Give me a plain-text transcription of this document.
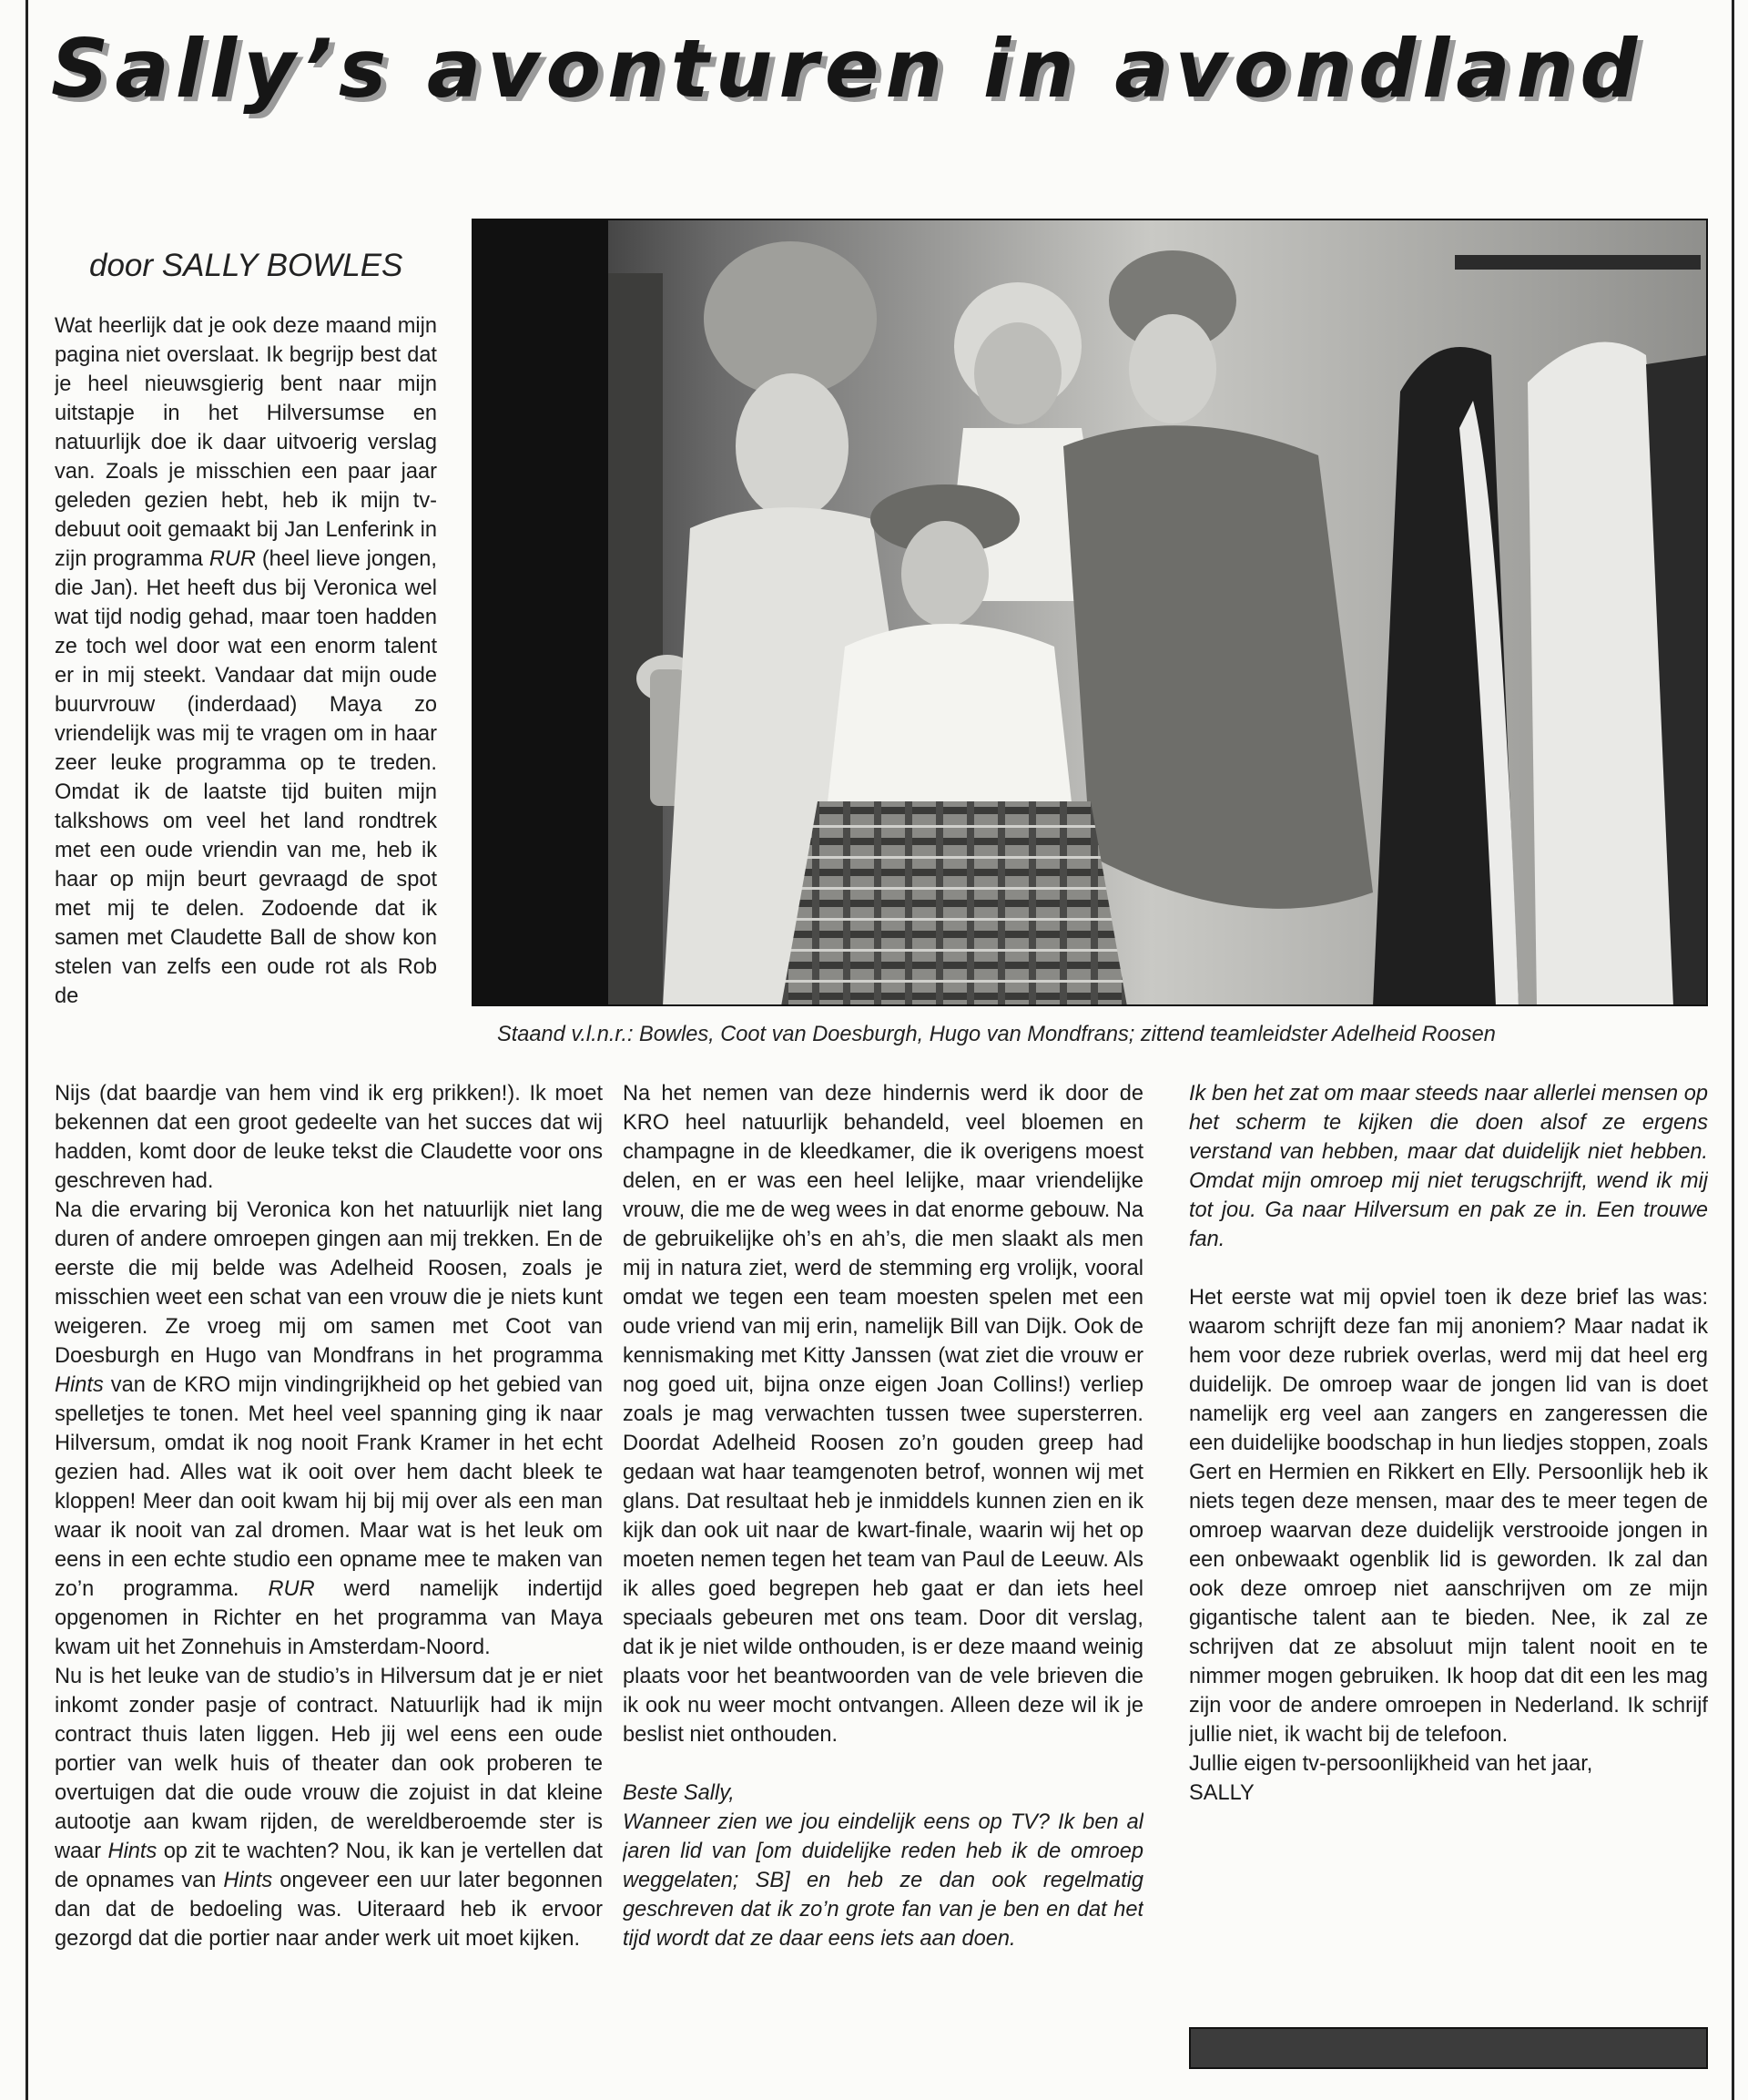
Sally’s avonturen in avondland

door SALLY BOWLES

Wat heerlijk dat je ook deze maand mijn pagina niet overslaat. Ik begrijp best dat je heel nieuwsgierig bent naar mijn uitstapje in het Hilversumse en natuurlijk doe ik daar uitvoerig verslag van. Zoals je misschien een paar jaar geleden gezien hebt, heb ik mijn tv-debuut ooit gemaakt bij Jan Lenferink in zijn programma RUR (heel lieve jongen, die Jan). Het heeft dus bij Veronica wel wat tijd nodig gehad, maar toen hadden ze toch wel door wat een enorm talent er in mij steekt. Vandaar dat mijn oude buurvrouw (inderdaad) Maya zo vriendelijk was mij te vragen om in haar zeer leuke programma op te treden. Omdat ik de laatste tijd buiten mijn talkshows om veel het land rondtrek met een oude vriendin van me, heb ik haar op mijn beurt gevraagd de spot met mij te delen. Zodoende dat ik samen met Claudette Ball de show kon stelen van zelfs een oude rot als Rob de

Staand v.l.n.r.: Bowles, Coot van Doesburgh, Hugo van Mondfrans; zittend teamleidster Adelheid Roosen

Nijs (dat baardje van hem vind ik erg prikken!). Ik moet bekennen dat een groot gedeelte van het succes dat wij hadden, komt door de leuke tekst die Claudette voor ons geschreven had.

Na die ervaring bij Veronica kon het natuurlijk niet lang duren of andere omroepen gingen aan mij trekken. En de eerste die mij belde was Adelheid Roosen, zoals je misschien weet een schat van een vrouw die je niets kunt weigeren. Ze vroeg mij om samen met Coot van Doesburgh en Hugo van Mondfrans in het programma Hints van de KRO mijn vindingrijkheid op het gebied van spelletjes te tonen. Met heel veel spanning ging ik naar Hilversum, omdat ik nog nooit Frank Kramer in het echt gezien had. Alles wat ik ooit over hem dacht bleek te kloppen! Meer dan ooit kwam hij bij mij over als een man waar ik nooit van zal dromen. Maar wat is het leuk om eens in een echte studio een opname mee te maken van zo’n programma. RUR werd namelijk indertijd opgenomen in Richter en het programma van Maya kwam uit het Zonnehuis in Amsterdam-Noord.

Nu is het leuke van de studio’s in Hilversum dat je er niet inkomt zonder pasje of contract. Natuurlijk had ik mijn contract thuis laten liggen. Heb jij wel eens een oude portier van welk huis of theater dan ook proberen te overtuigen dat die oude vrouw die zojuist in dat kleine autootje aan kwam rijden, de wereldberoemde ster is waar Hints op zit te wachten? Nou, ik kan je vertellen dat de opnames van Hints ongeveer een uur later begonnen dan dat de bedoeling was. Uiteraard heb ik ervoor gezorgd dat die portier naar ander werk uit moet kijken.

Na het nemen van deze hindernis werd ik door de KRO heel natuurlijk behandeld, veel bloemen en champagne in de kleedkamer, die ik overigens moest delen, en er was een heel lelijke, maar vriendelijke vrouw, die me de weg wees in dat enorme gebouw. Na de gebruikelijke oh’s en ah’s, die men slaakt als men mij in natura ziet, werd de stemming erg vrolijk, vooral omdat we tegen een team moesten spelen met een oude vriend van mij erin, namelijk Bill van Dijk. Ook de kennismaking met Kitty Janssen (wat ziet die vrouw er nog goed uit, bijna onze eigen Joan Collins!) verliep zoals je mag verwachten tussen twee supersterren. Doordat Adelheid Roosen zo’n gouden greep had gedaan wat haar teamgenoten betrof, wonnen wij met glans. Dat resultaat heb je inmiddels kunnen zien en ik kijk dan ook uit naar de kwart-finale, waarin wij het op moeten nemen tegen het team van Paul de Leeuw. Als ik alles goed begrepen heb gaat er dan iets heel speciaals gebeuren met ons team. Door dit verslag, dat ik je niet wilde onthouden, is er deze maand weinig plaats voor het beantwoorden van de vele brieven die ik ook nu weer mocht ontvangen. Alleen deze wil ik je beslist niet onthouden.

Beste Sally,

Wanneer zien we jou eindelijk eens op TV? Ik ben al jaren lid van [om duidelijke reden heb ik de omroep weggelaten; SB] en heb ze dan ook regelmatig geschreven dat ik zo’n grote fan van je ben en dat het tijd wordt dat ze daar eens iets aan doen.

Ik ben het zat om maar steeds naar allerlei mensen op het scherm te kijken die doen alsof ze ergens verstand van hebben, maar dat duidelijk niet hebben. Omdat mijn omroep mij niet terugschrijft, wend ik mij tot jou. Ga naar Hilversum en pak ze in. Een trouwe fan.

Het eerste wat mij opviel toen ik deze brief las was: waarom schrijft deze fan mij anoniem? Maar nadat ik hem voor deze rubriek overlas, werd mij dat heel erg duidelijk. De omroep waar de jongen lid van is doet namelijk erg veel aan zangers en zangeressen die een duidelijke boodschap in hun liedjes stoppen, zoals Gert en Hermien en Rikkert en Elly. Persoonlijk heb ik niets tegen deze mensen, maar des te meer tegen de omroep waarvan deze duidelijk verstrooide jongen in een onbewaakt ogenblik lid is geworden. Ik zal dan ook deze omroep niet aanschrijven om ze mijn gigantische talent aan te bieden. Nee, ik zal ze schrijven dat ze absoluut mijn talent nooit en te nimmer mogen gebruiken. Ik hoop dat dit een les mag zijn voor de andere omroepen in Nederland. Ik schrijf jullie niet, ik wacht bij de telefoon.

Jullie eigen tv-persoonlijkheid van het jaar,

SALLY
